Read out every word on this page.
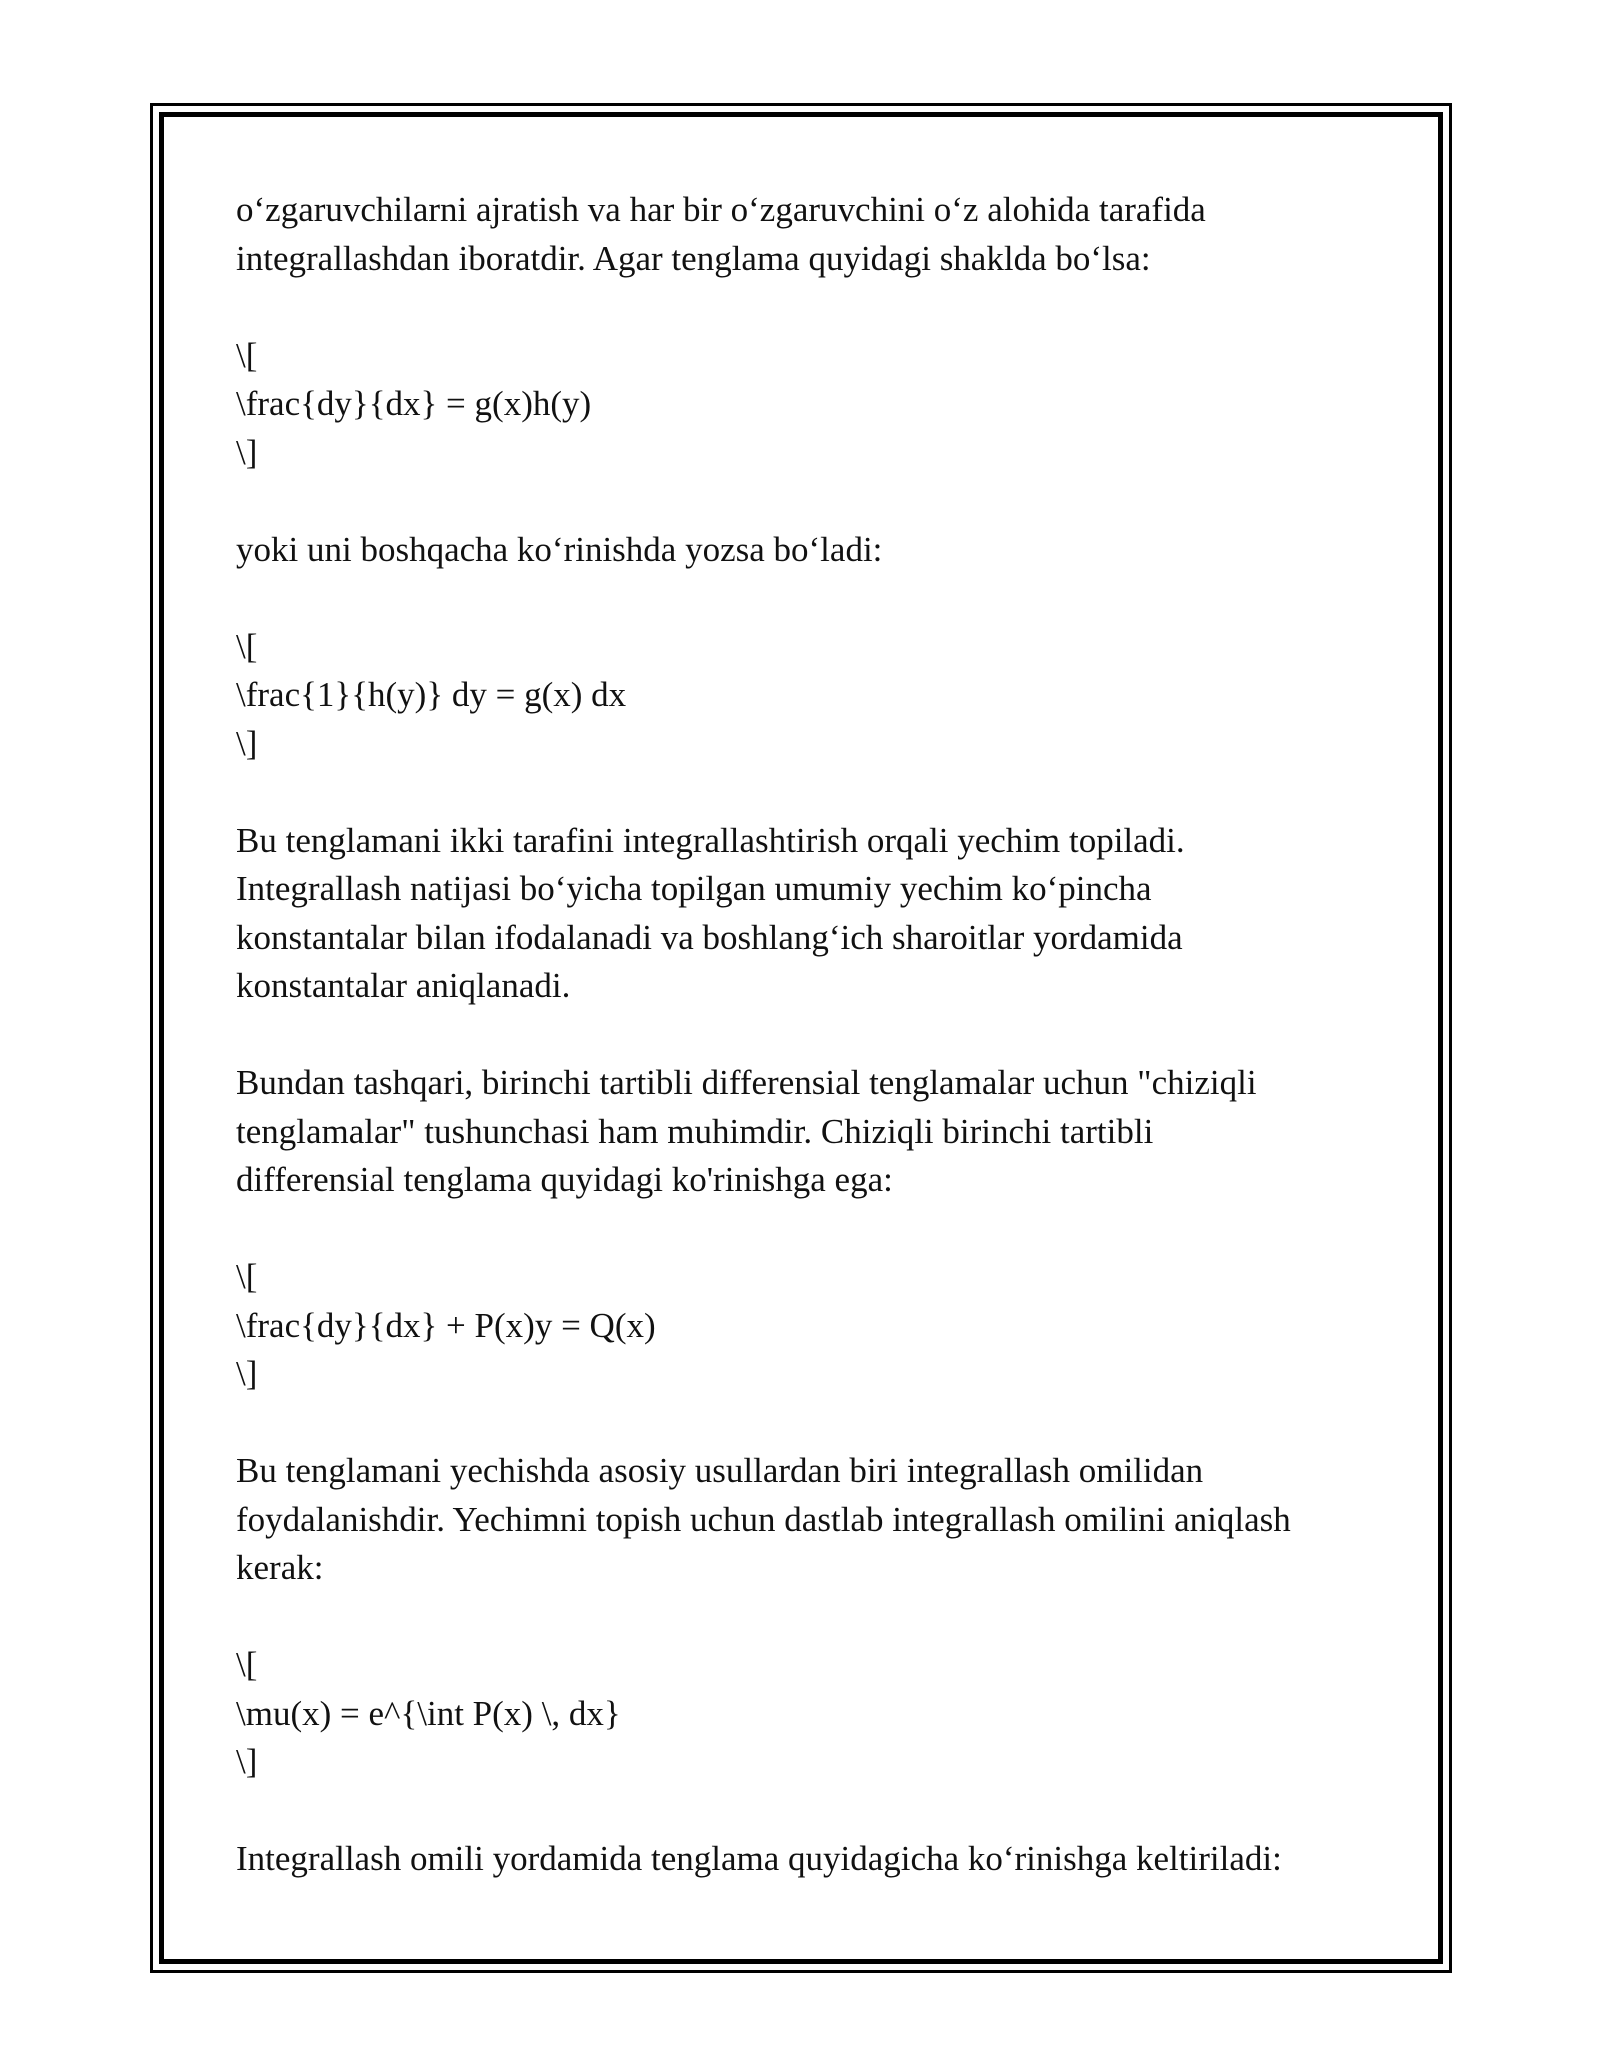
o‘zgaruvchilarni ajratish va har bir o‘zgaruvchini o‘z alohida tarafida
integrallashdan iboratdir. Agar tenglama quyidagi shaklda bo‘lsa:
\[
\frac{dy}{dx} = g(x)h(y)
\]
yoki uni boshqacha ko‘rinishda yozsa bo‘ladi:
\[
\frac{1}{h(y)} dy = g(x) dx
\]
Bu tenglamani ikki tarafini integrallashtirish orqali yechim topiladi.
Integrallash natijasi bo‘yicha topilgan umumiy yechim ko‘pincha
konstantalar bilan ifodalanadi va boshlang‘ich sharoitlar yordamida
konstantalar aniqlanadi.
Bundan tashqari, birinchi tartibli differensial tenglamalar uchun "chiziqli
tenglamalar" tushunchasi ham muhimdir. Chiziqli birinchi tartibli
differensial tenglama quyidagi ko'rinishga ega:
\[
\frac{dy}{dx} + P(x)y = Q(x)
\]
Bu tenglamani yechishda asosiy usullardan biri integrallash omilidan
foydalanishdir. Yechimni topish uchun dastlab integrallash omilini aniqlash
kerak:
\[
\mu(x) = e^{\int P(x) \, dx}
\]
Integrallash omili yordamida tenglama quyidagicha ko‘rinishga keltiriladi:
